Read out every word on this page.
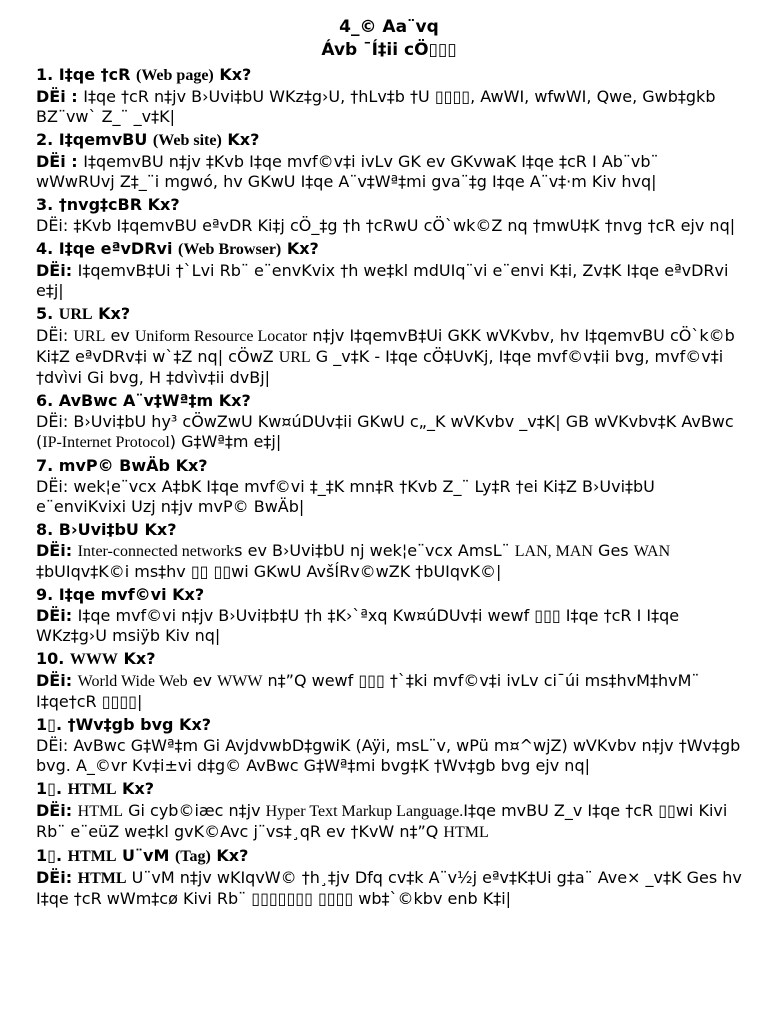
4_© Aa¨vq
Ávb ¯Í‡ii cÖ▯▯▯
1. I‡qe †cR (Web page) Kx?
DËi : I‡qe †cR n‡jv B›Uvi‡bU WKz‡g›U, †hLv‡b †U ▯▯▯▯, AwWI, wfwWI, Qwe, Gwb‡gkb BZ¨vw` Z_¨ _v‡K|
2. I‡qemvBU (Web site) Kx?
DËi : I‡qemvBU n‡jv ‡Kvb I‡qe mvf©v‡i ivLv GK ev GKvwaK I‡qe ‡cR I Ab¨vb¨ wWwRUvj Z‡_¨i mgwó, hv GKwU I‡qe A¨v‡Wª‡mi gva¨‡g I‡qe A¨v‡·m Kiv hvq|
3. †nvg‡cBR Kx?
DËi: ‡Kvb I‡qemvBU eªvDR Ki‡j cÖ_‡g †h †cRwU cÖ`wk©Z nq †mwU‡K †nvg †cR ejv nq|
4. I‡qe eªvDRvi (Web Browser) Kx?
DËi: I‡qemvB‡Ui †`Lvi Rb¨ e¨envKvix †h we‡kl mdUIq¨vi e¨envi K‡i, Zv‡K I‡qe eªvDRvi e‡j|
5. URL Kx?
DËi: URL ev Uniform Resource Locator n‡jv I‡qemvB‡Ui GKK wVKvbv, hv I‡qemvBU cÖ`k©b Ki‡Z eªvDRv‡i w`‡Z nq| cÖwZ URL G _v‡K - I‡qe cÖ‡UvKj, I‡qe mvf©v‡ii bvg, mvf©v‡i †dvìvi Gi bvg, H ‡dvìv‡ii dvBj|
6. AvBwc A¨v‡Wª‡m Kx?
DËi: B›Uvi‡bU hy³ cÖwZwU Kw¤úDUv‡ii GKwU c„_K wVKvbv _v‡K| GB wVKvbv‡K AvBwc (IP-Internet Protocol) G‡Wª‡m e‡j|
7. mvP© BwÄb Kx?
DËi: wek¦e¨vcx A‡bK I‡qe mvf©vi ‡_‡K mn‡R †Kvb Z_¨ Ly‡R †ei Ki‡Z B›Uvi‡bU e¨enviKvixi Uzj n‡jv mvP© BwÄb|
8. B›Uvi‡bU Kx?
DËi: Inter-connected networks ev B›Uvi‡bU nj wek¦e¨vcx AmsL¨ LAN, MAN Ges WAN ‡bUIqv‡K©i ms‡hv ▯▯ ▯▯wi GKwU AvšÍRv©wZK †bUIqvK©|
9. I‡qe mvf©vi Kx?
DËi: I‡qe mvf©vi n‡jv B›Uvi‡b‡U †h ‡K›`ªxq Kw¤úDUv‡i wewf ▯▯▯ I‡qe †cR I I‡qe WKz‡g›U msiÿb Kiv nq|
10. WWW Kx?
DËi: World Wide Web ev WWW n‡”Q wewf ▯▯▯ †`‡ki mvf©v‡i ivLv ci¯úi ms‡hvM‡hvM¨ I‡qe†cR ▯▯▯▯|
1▯. †Wv‡gb bvg Kx?
DËi: AvBwc G‡Wª‡m Gi AvjdvwbD‡gwiK (Aÿi, msL¨v, wPü m¤^wjZ) wVKvbv n‡jv †Wv‡gb bvg. A_©vr Kv‡i±vi d‡g© AvBwc G‡Wª‡mi bvg‡K †Wv‡gb bvg ejv nq|
1▯. HTML Kx?
DËi: HTML Gi cyb©iæc n‡jv Hyper Text Markup Language.I‡qe mvBU Z_v I‡qe †cR ▯▯wi Kivi Rb¨ e¨eüZ we‡kl gvK©Avc j¨vs‡¸qR ev †KvW n‡”Q HTML
1▯. HTML U¨vM (Tag) Kx?
DËi: HTML U¨vM n‡jv wKIqvW© †h¸‡jv Dfq cv‡k A¨v½j eªv‡K‡Ui g‡a¨ Ave× _v‡K Ges hv I‡qe †cR wWm‡cø Kivi Rb¨ ▯▯▯▯▯▯▯ ▯▯▯▯ wb‡`©kbv enb K‡i|
